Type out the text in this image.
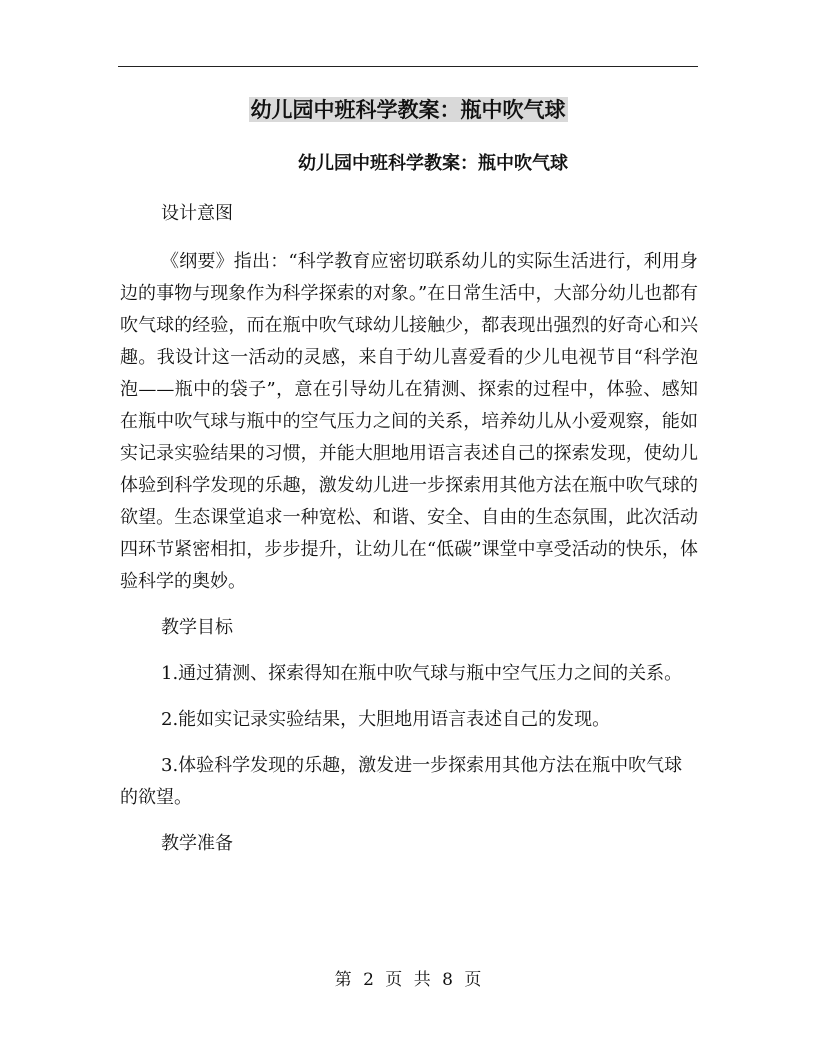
幼儿园中班科学教案：瓶中吹气球
幼儿园中班科学教案：瓶中吹气球

设计意图

《纲要》指出：“科学教育应密切联系幼儿的实际生活进行，利用身边的事物与现象作为科学探索的对象。”在日常生活中，大部分幼儿也都有吹气球的经验，而在瓶中吹气球幼儿接触少，都表现出强烈的好奇心和兴趣。我设计这一活动的灵感，来自于幼儿喜爱看的少儿电视节目“科学泡泡——瓶中的袋子”，意在引导幼儿在猜测、探索的过程中，体验、感知在瓶中吹气球与瓶中的空气压力之间的关系，培养幼儿从小爱观察，能如实记录实验结果的习惯，并能大胆地用语言表述自己的探索发现，使幼儿体验到科学发现的乐趣，激发幼儿进一步探索用其他方法在瓶中吹气球的欲望。生态课堂追求一种宽松、和谐、安全、自由的生态氛围，此次活动四环节紧密相扣，步步提升，让幼儿在“低碳”课堂中享受活动的快乐，体验科学的奥妙。

教学目标

1.通过猜测、探索得知在瓶中吹气球与瓶中空气压力之间的关系。

2.能如实记录实验结果，大胆地用语言表述自己的发现。

3.体验科学发现的乐趣，激发进一步探索用其他方法在瓶中吹气球的欲望。

教学准备

第 2 页 共 8 页
